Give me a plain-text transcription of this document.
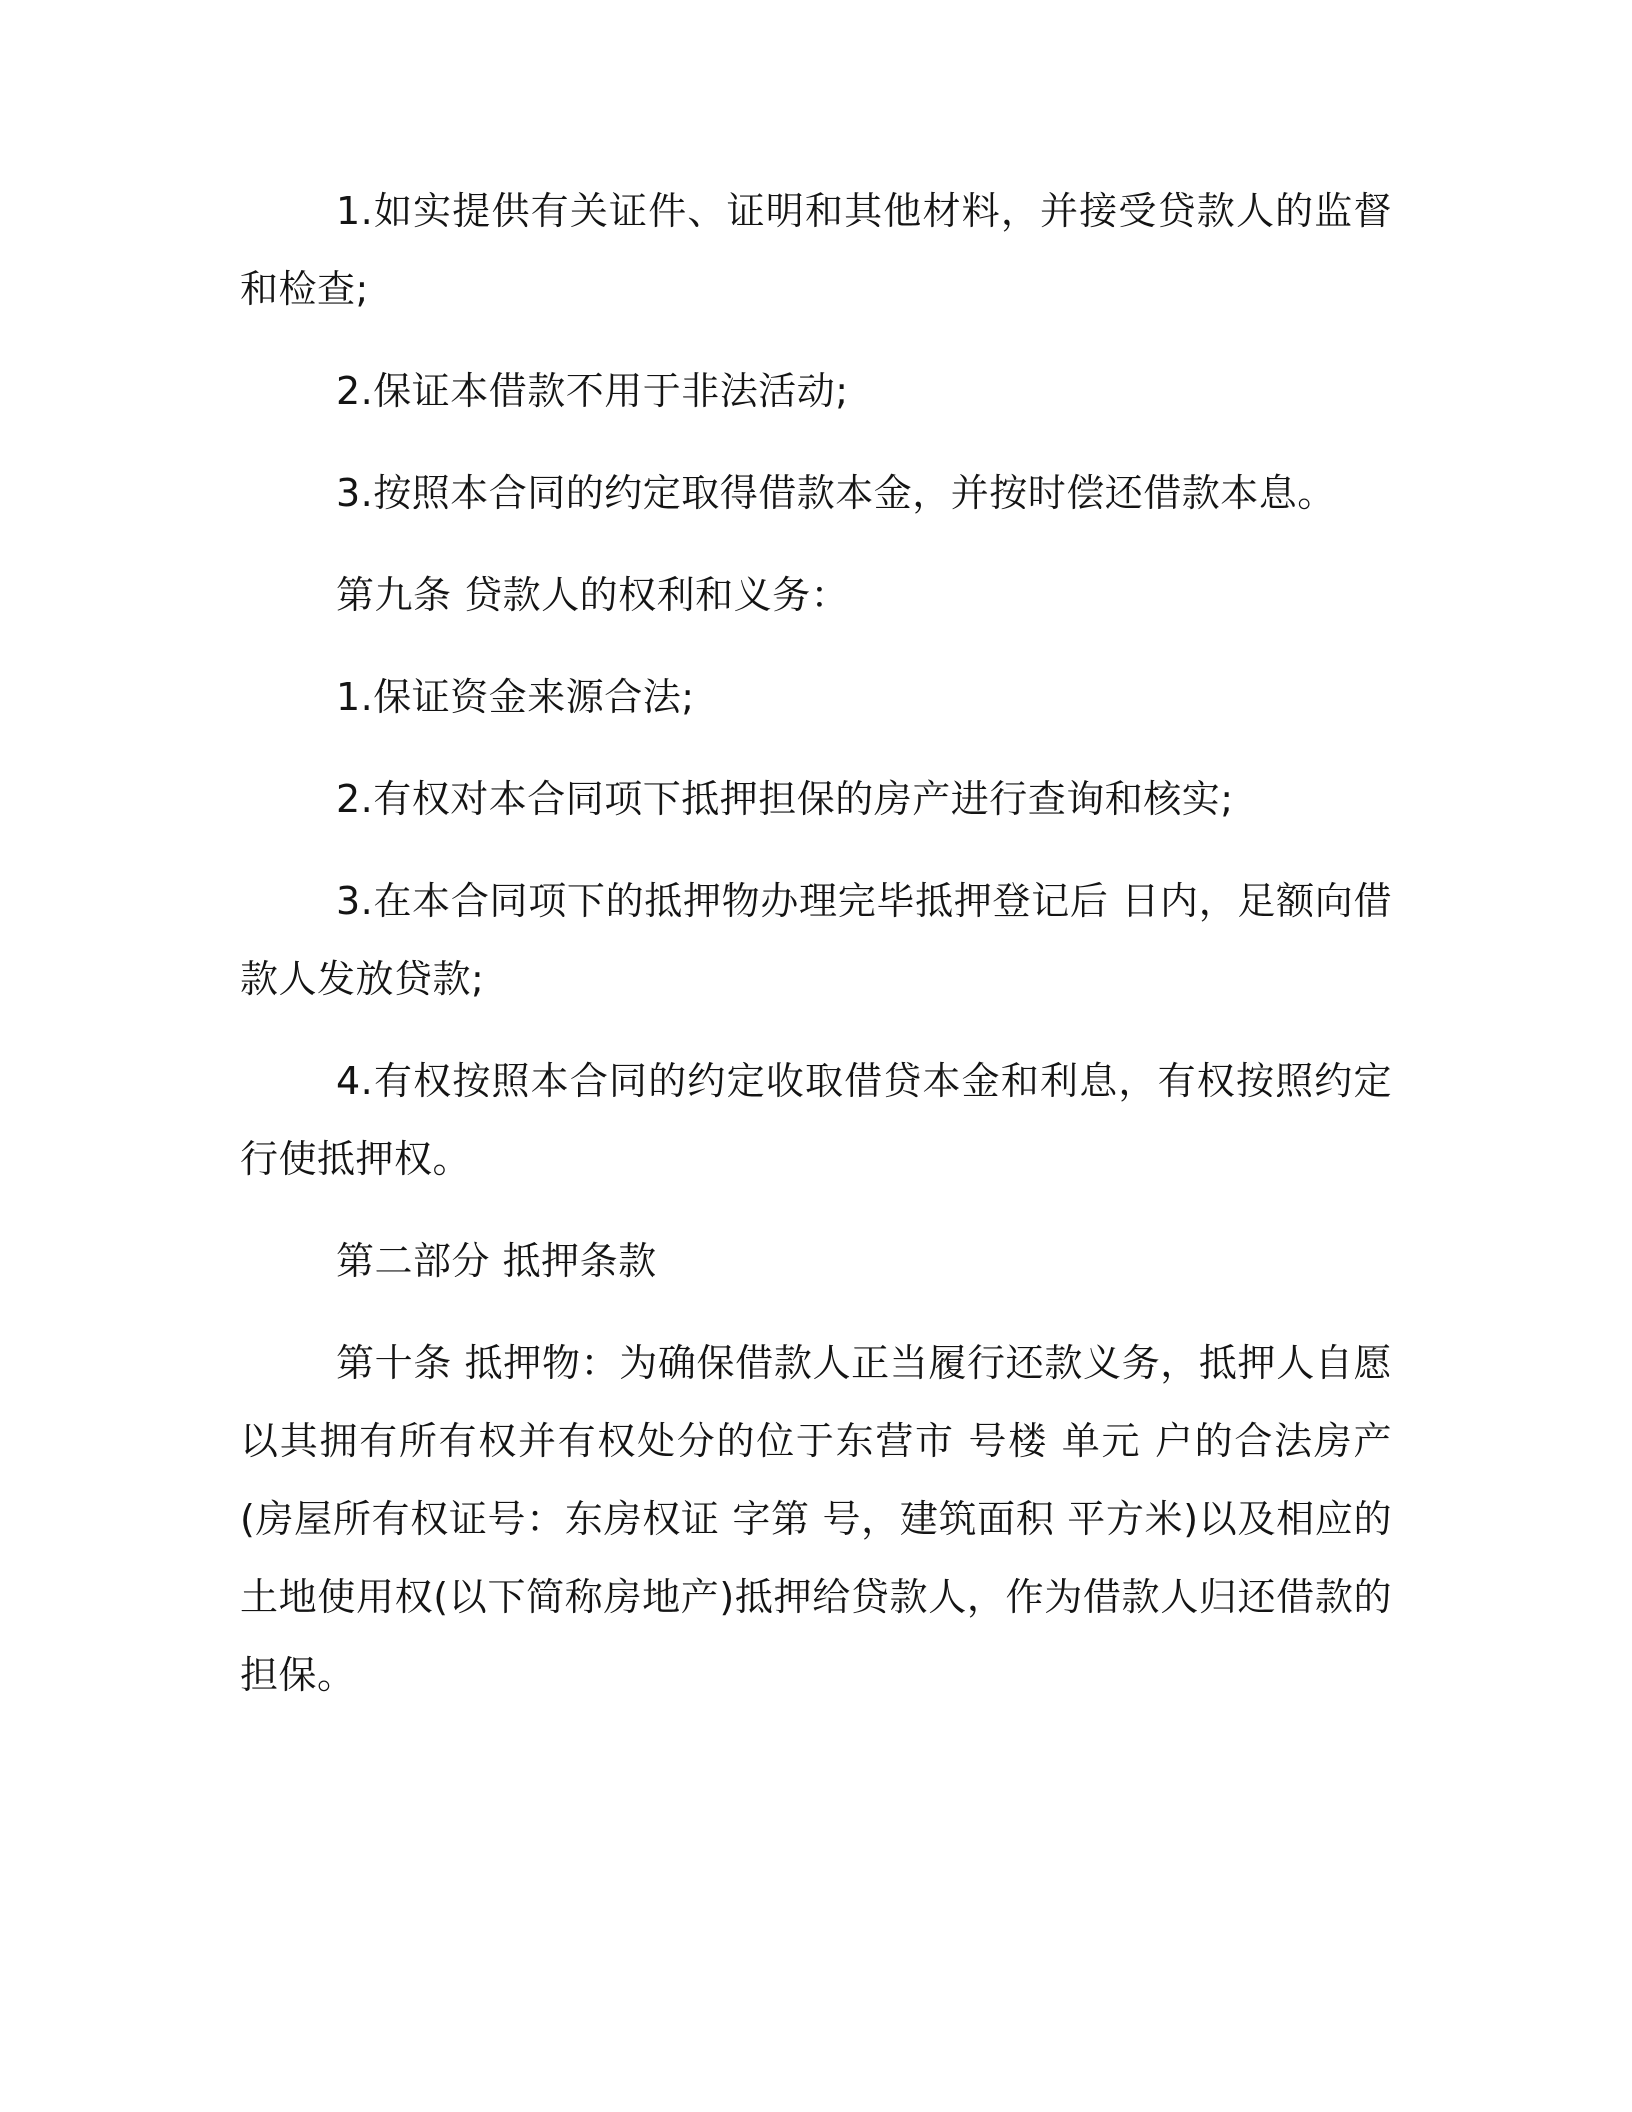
1.如实提供有关证件、证明和其他材料，并接受贷款人的监督和检查;

2.保证本借款不用于非法活动;

3.按照本合同的约定取得借款本金，并按时偿还借款本息。

第九条 贷款人的权利和义务：

1.保证资金来源合法;

2.有权对本合同项下抵押担保的房产进行查询和核实;

3.在本合同项下的抵押物办理完毕抵押登记后 日内，足额向借款人发放贷款;

4.有权按照本合同的约定收取借贷本金和利息，有权按照约定行使抵押权。

第二部分 抵押条款

第十条 抵押物：为确保借款人正当履行还款义务，抵押人自愿以其拥有所有权并有权处分的位于东营市 号楼 单元 户的合法房产(房屋所有权证号：东房权证 字第 号，建筑面积 平方米)以及相应的土地使用权(以下简称房地产)抵押给贷款人，作为借款人归还借款的担保。
